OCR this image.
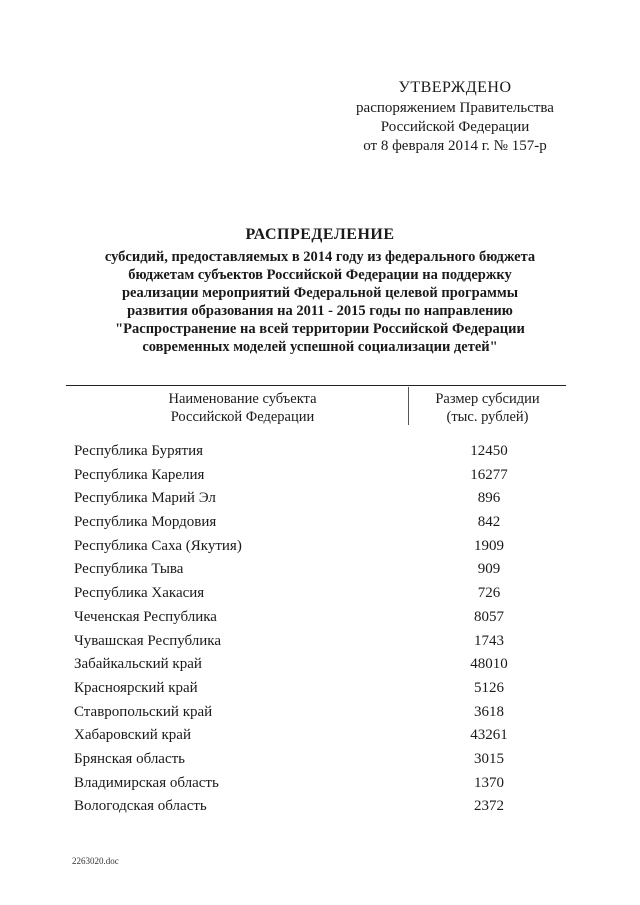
УТВЕРЖДЕНО
распоряжением Правительства
Российской Федерации
от 8 февраля 2014 г. № 157-р
РАСПРЕДЕЛЕНИЕ
субсидий, предоставляемых в 2014 году из федерального бюджета
бюджетам субъектов Российской Федерации на поддержку
реализации мероприятий Федеральной целевой программы
развития образования на 2011 - 2015 годы по направлению
"Распространение на всей территории Российской Федерации
современных моделей успешной социализации детей"
Наименование субъекта
Российской Федерации
Размер субсидии
(тыс. рублей)
Республика Бурятия	12450
Республика Карелия	16277
Республика Марий Эл	896
Республика Мордовия	842
Республика Саха (Якутия)	1909
Республика Тыва	909
Республика Хакасия	726
Чеченская Республика	8057
Чувашская Республика	1743
Забайкальский край	48010
Красноярский край	5126
Ставропольский край	3618
Хабаровский край	43261
Брянская область	3015
Владимирская область	1370
Вологодская область	2372
2263020.doc
